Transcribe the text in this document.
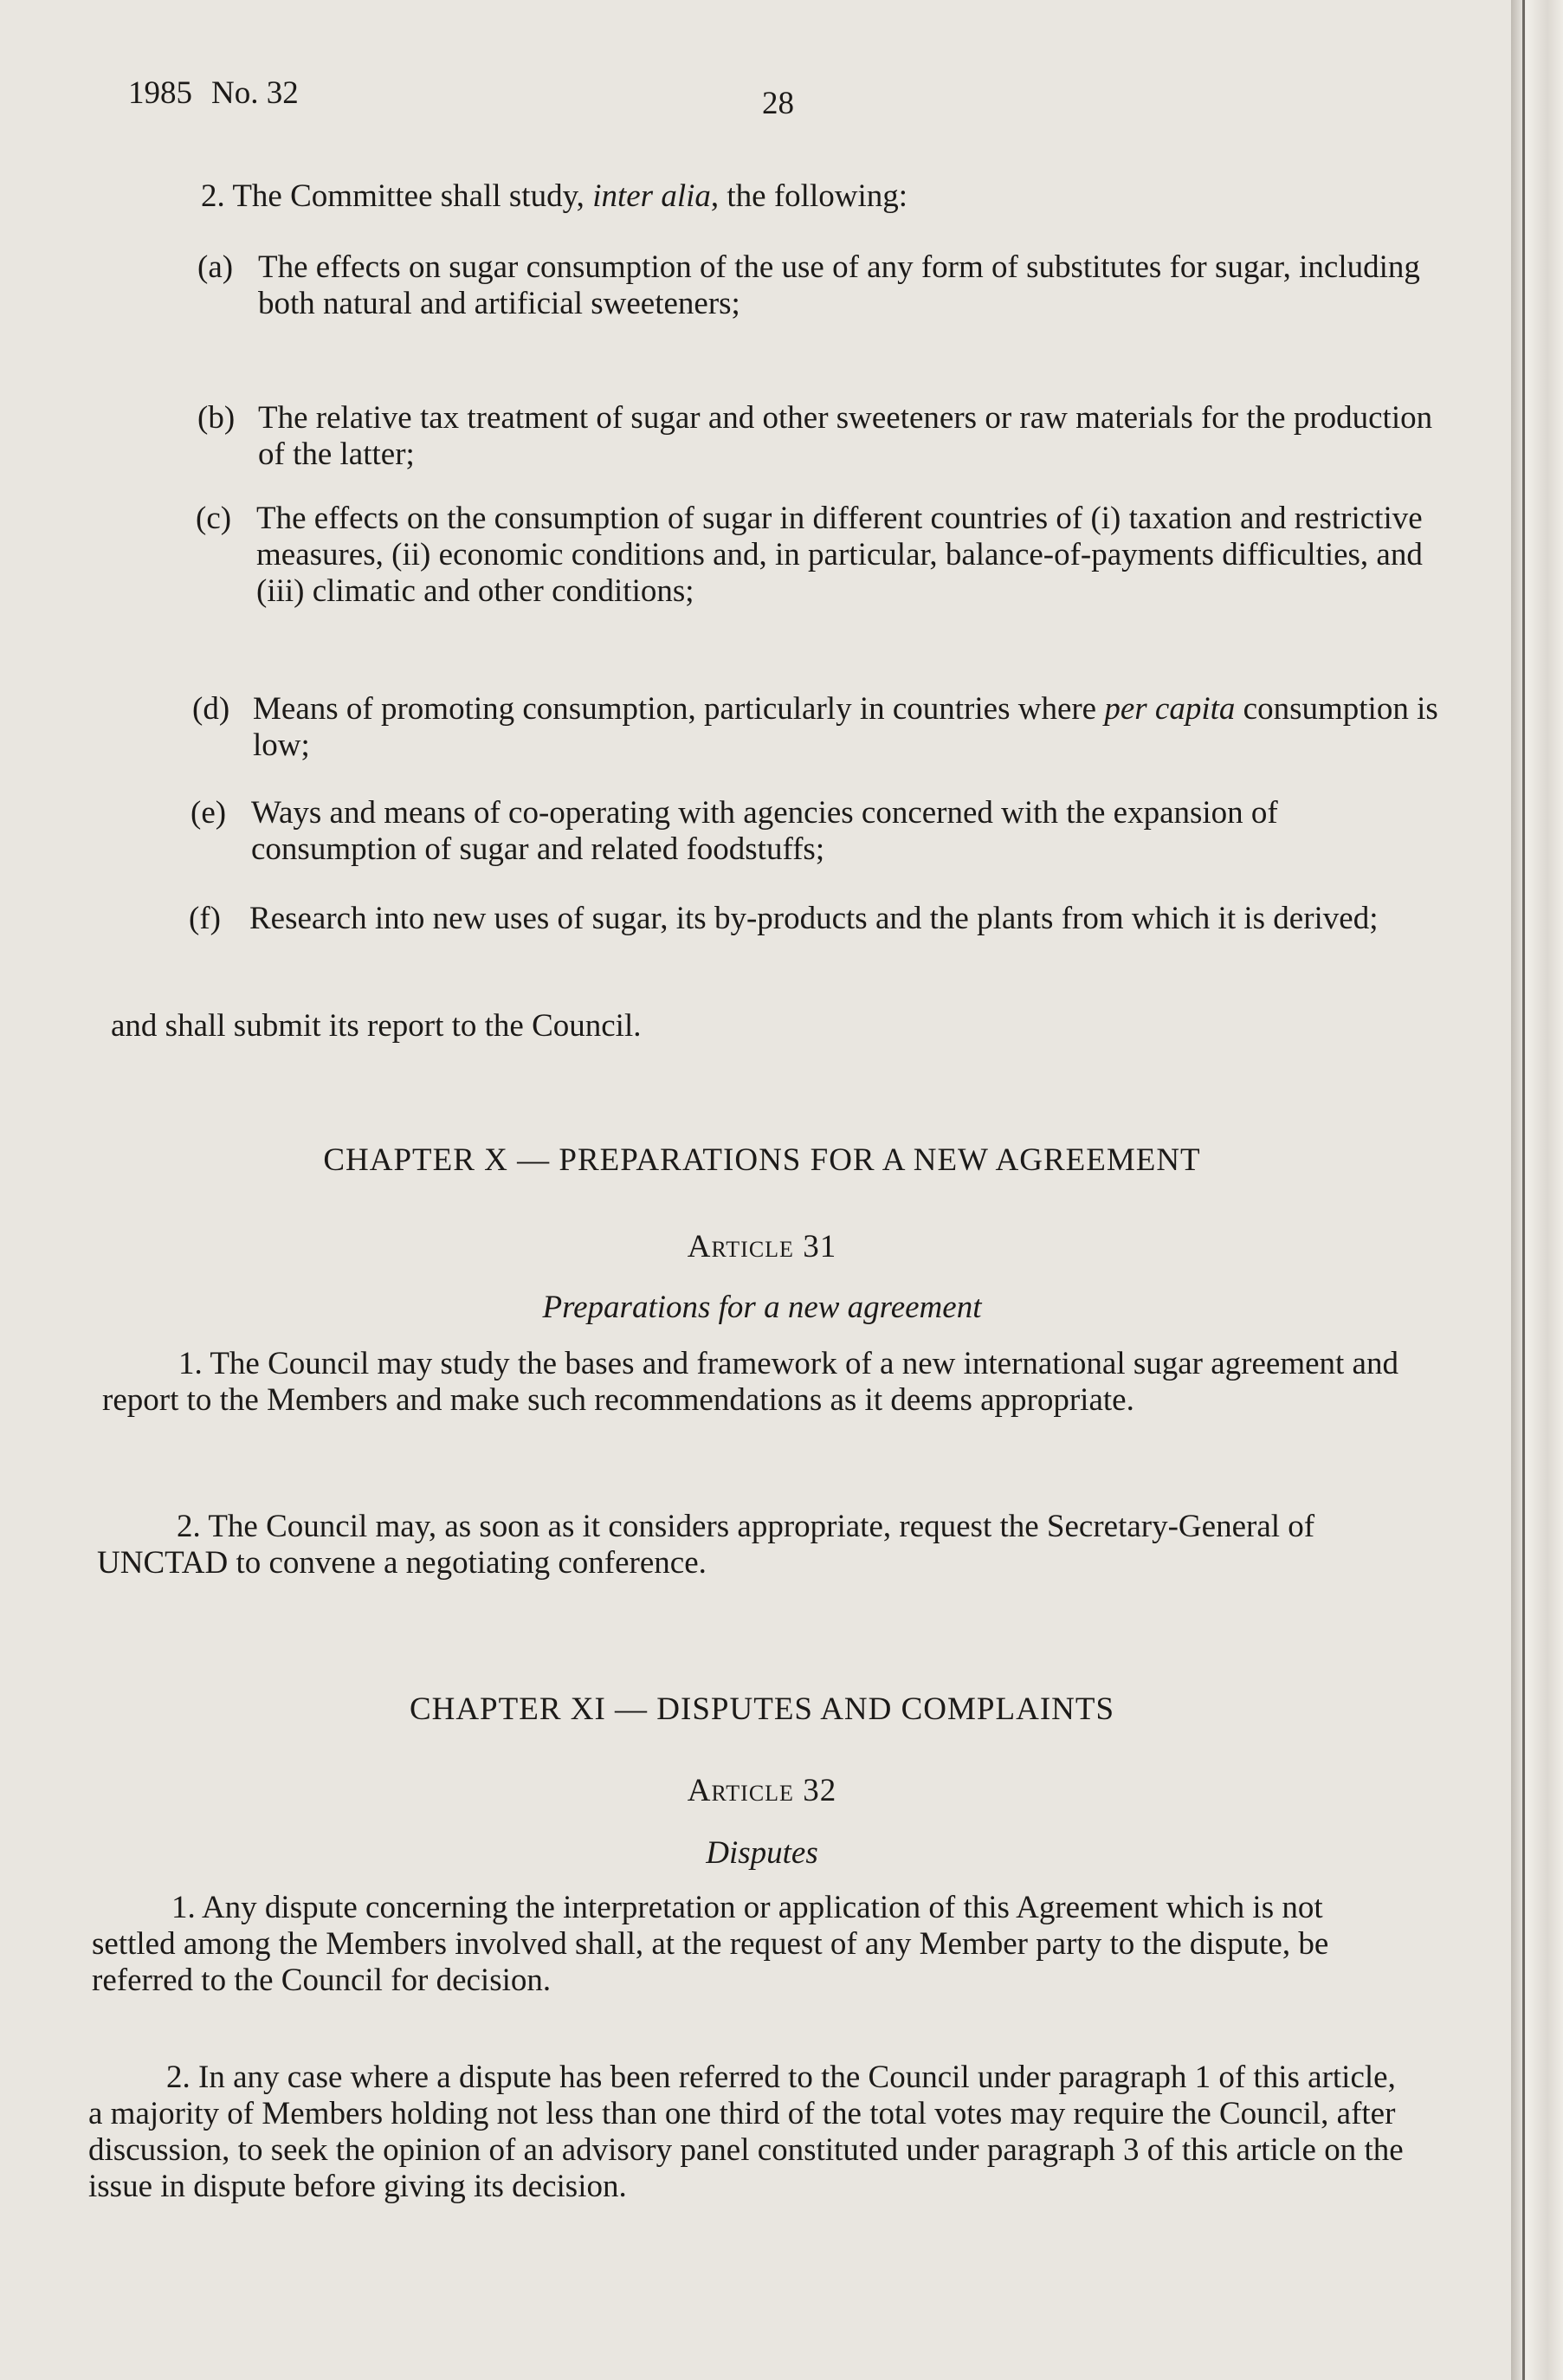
1985 No. 32	28

2. The Committee shall study, inter alia, the following:

(a) The effects on sugar consumption of the use of any form of substitutes for sugar, including both natural and artificial sweeteners;
(b) The relative tax treatment of sugar and other sweeteners or raw materials for the production of the latter;
(c) The effects on the consumption of sugar in different countries of (i) taxation and restrictive measures, (ii) economic conditions and, in particular, balance-of-payments difficulties, and (iii) climatic and other conditions;
(d) Means of promoting consumption, particularly in countries where per capita consumption is low;
(e) Ways and means of co-operating with agencies concerned with the expansion of consumption of sugar and related foodstuffs;
(f) Research into new uses of sugar, its by-products and the plants from which it is derived;

and shall submit its report to the Council.

CHAPTER X — PREPARATIONS FOR A NEW AGREEMENT
Article 31
Preparations for a new agreement

1. The Council may study the bases and framework of a new international sugar agreement and report to the Members and make such recommendations as it deems appropriate.

2. The Council may, as soon as it considers appropriate, request the Secretary-General of UNCTAD to convene a negotiating conference.

CHAPTER XI — DISPUTES AND COMPLAINTS
Article 32
Disputes

1. Any dispute concerning the interpretation or application of this Agreement which is not settled among the Members involved shall, at the request of any Member party to the dispute, be referred to the Council for decision.

2. In any case where a dispute has been referred to the Council under paragraph 1 of this article, a majority of Members holding not less than one third of the total votes may require the Council, after discussion, to seek the opinion of an advisory panel constituted under paragraph 3 of this article on the issue in dispute before giving its decision.
